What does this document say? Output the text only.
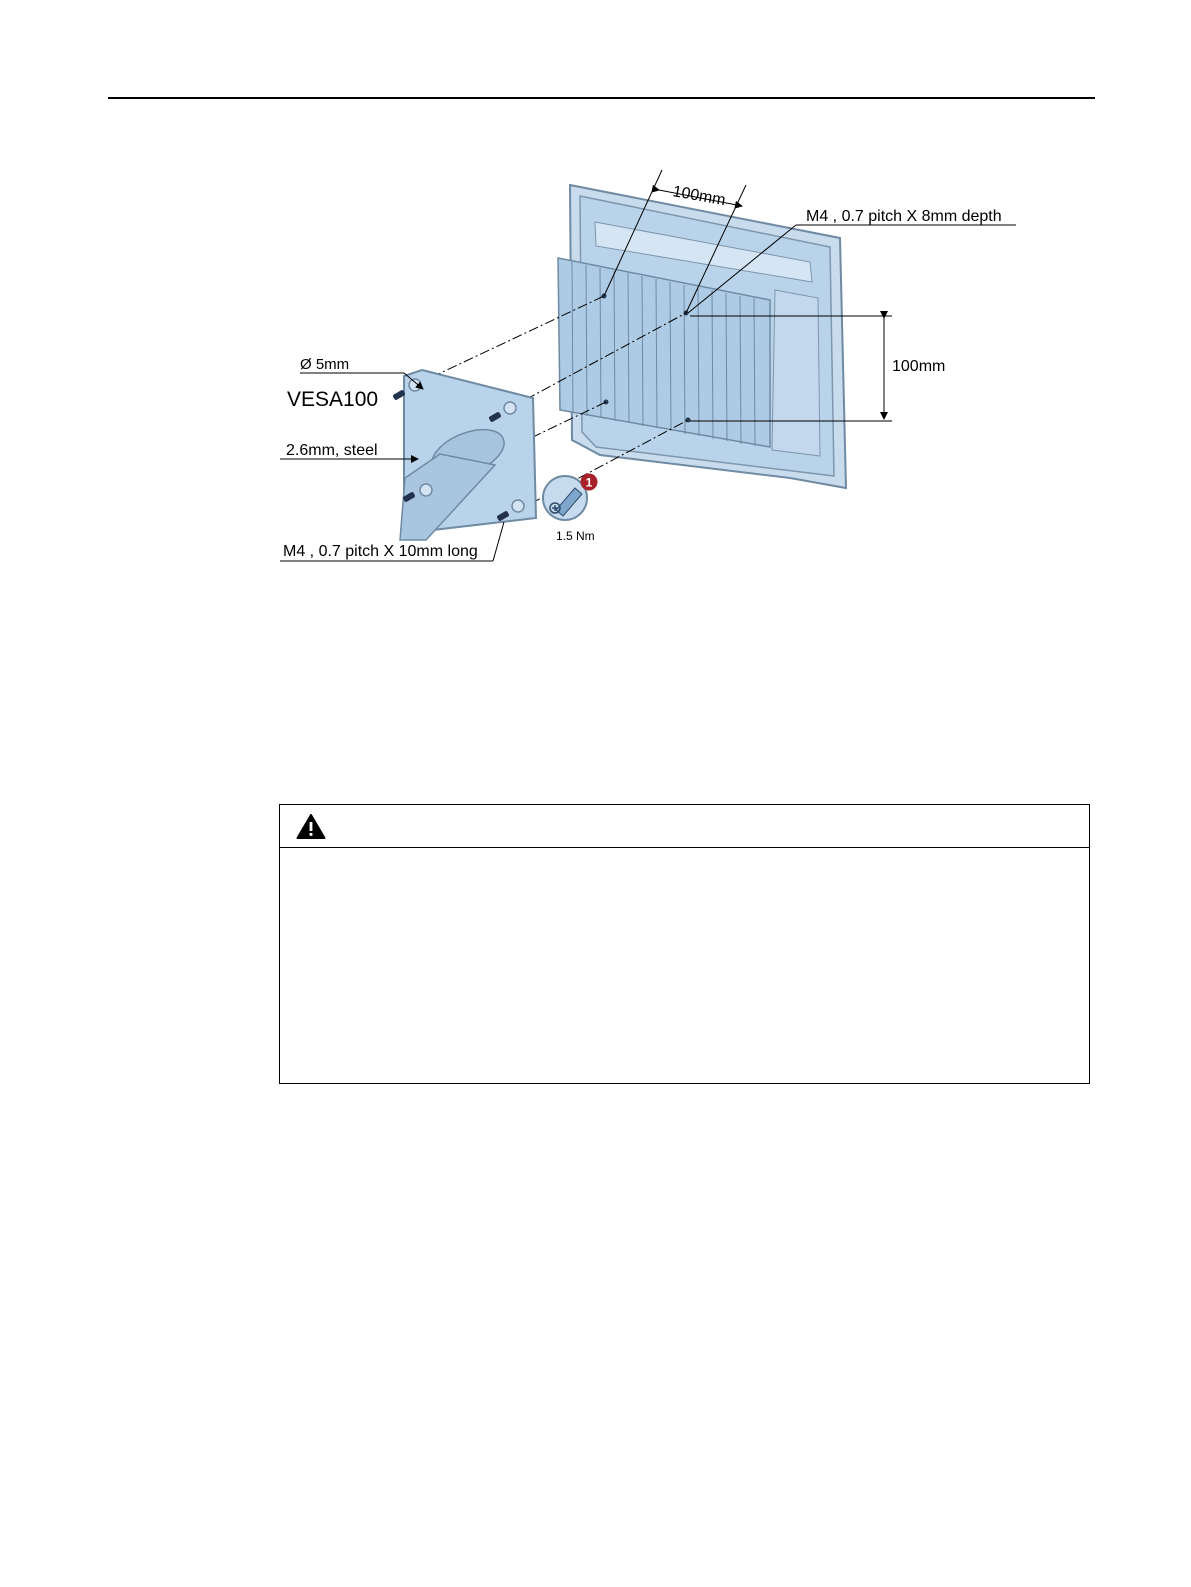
100mm
M4 , 0.7 pitch X 8mm depth
100mm
Ø 5mm
VESA100
2.6mm, steel
M4 , 0.7 pitch X 10mm long
1
1.5 Nm
